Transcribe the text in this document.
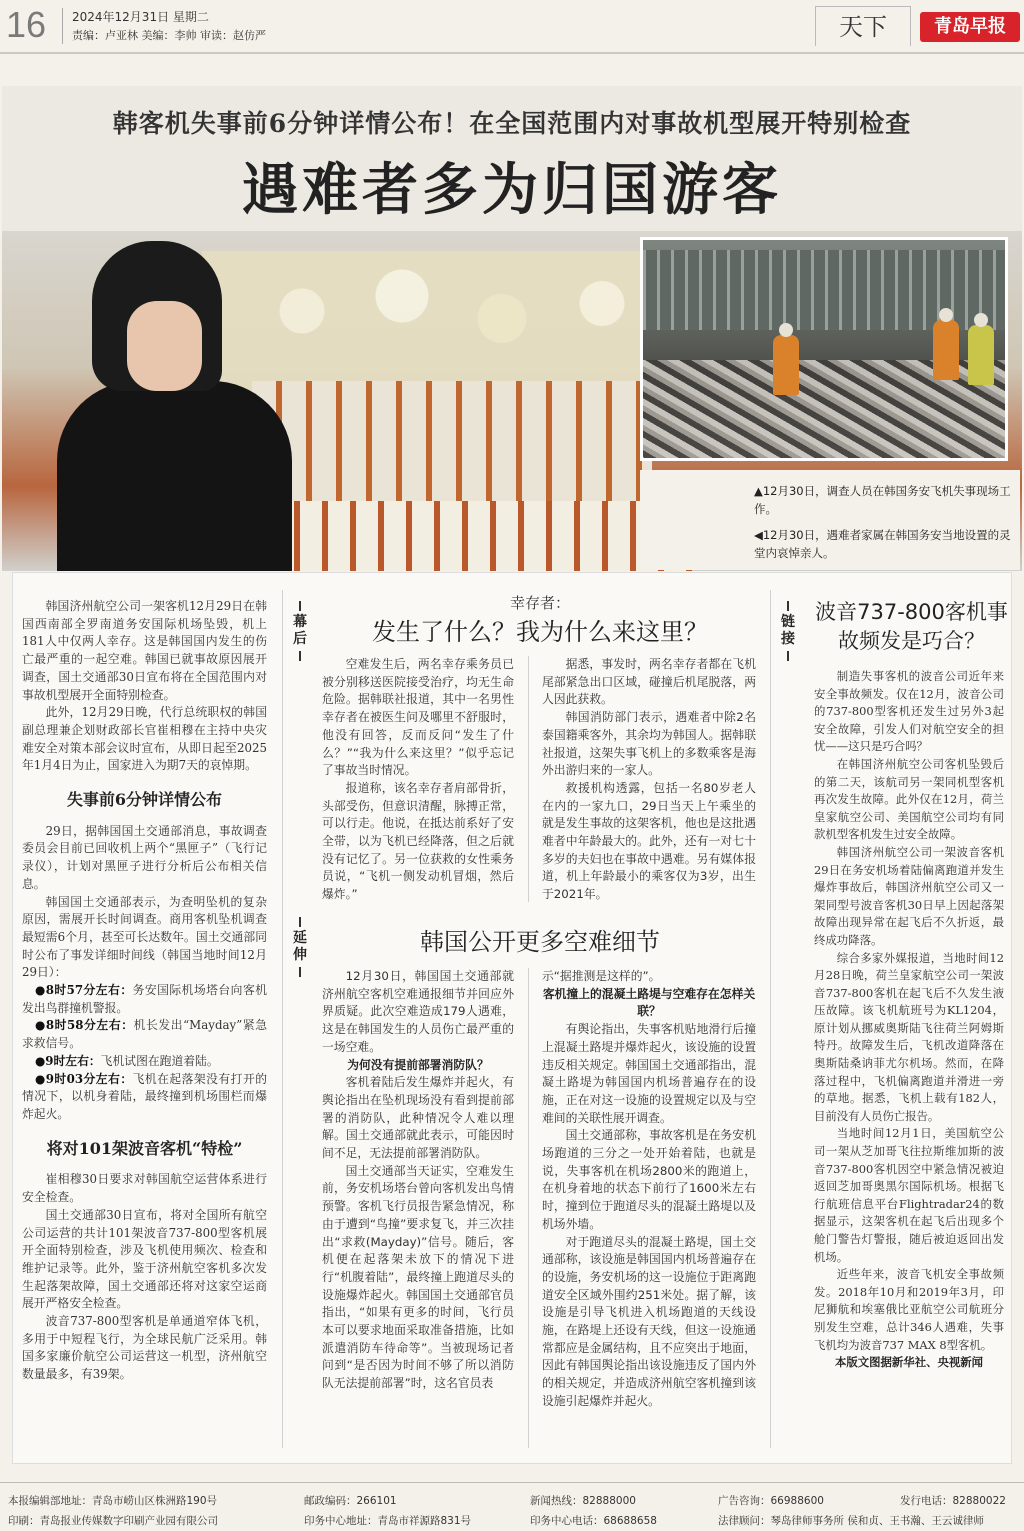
16 2024年12月31日 星期二
责编：卢亚林 美编：李帅 审读：赵仿严	天下	青岛早报
韩客机失事前6分钟详情公布！在全国范围内对事故机型展开特别检查
遇难者多为归国游客
▲12月30日，调查人员在韩国务安飞机失事现场工作。
◀12月30日，遇难者家属在韩国务安当地设置的灵堂内哀悼亲人。

韩国济州航空公司一架客机12月29日在韩国西南部全罗南道务安国际机场坠毁，机上181人中仅两人幸存。这是韩国国内发生的伤亡最严重的一起空难。韩国已就事故原因展开调查，国土交通部30日宣布将在全国范围内对事故机型展开全面特别检查。

此外，12月29日晚，代行总统职权的韩国副总理兼企划财政部长官崔相穆在主持中央灾难安全对策本部会议时宣布，从即日起至2025年1月4日为止，国家进入为期7天的哀悼期。

失事前6分钟详情公布

29日，据韩国国土交通部消息，事故调查委员会目前已回收机上两个“黑匣子”（飞行记录仪），计划对黑匣子进行分析后公布相关信息。

韩国国土交通部表示，为查明坠机的复杂原因，需展开长时间调查。商用客机坠机调查最短需6个月，甚至可长达数年。国土交通部同时公布了事发详细时间线（韩国当地时间12月29日）：

●8时57分左右：务安国际机场塔台向客机发出鸟群撞机警报。

●8时58分左右：机长发出“Mayday”紧急求救信号。

●9时左右：飞机试图在跑道着陆。

●9时03分左右：飞机在起落架没有打开的情况下，以机身着陆，最终撞到机场围栏而爆炸起火。

将对101架波音客机“特检”

崔相穆30日要求对韩国航空运营体系进行安全检查。

国土交通部30日宣布，将对全国所有航空公司运营的共计101架波音737-800型客机展开全面特别检查，涉及飞机使用频次、检查和维护记录等。此外，鉴于济州航空客机多次发生起落架故障，国土交通部还将对这家空运商展开严格安全检查。

波音737-800型客机是单通道窄体飞机，多用于中短程飞行，为全球民航广泛采用。韩国多家廉价航空公司运营这一机型，济州航空数量最多，有39架。

幕后
延伸
链接
幸存者：
发生了什么？我为什么来这里？

空难发生后，两名幸存乘务员已被分别移送医院接受治疗，均无生命危险。据韩联社报道，其中一名男性幸存者在被医生问及哪里不舒服时，他没有回答，反而反问“发生了什么？”“我为什么来这里？”似乎忘记了事故当时情况。

报道称，该名幸存者肩部骨折，头部受伤，但意识清醒，脉搏正常，可以行走。他说，在抵达前系好了安全带，以为飞机已经降落，但之后就没有记忆了。另一位获救的女性乘务员说，“飞机一侧发动机冒烟，然后爆炸。”

据悉，事发时，两名幸存者都在飞机尾部紧急出口区域，碰撞后机尾脱落，两人因此获救。

韩国消防部门表示，遇难者中除2名泰国籍乘客外，其余均为韩国人。据韩联社报道，这架失事飞机上的多数乘客是海外出游归来的一家人。

救援机构透露，包括一名80岁老人在内的一家九口，29日当天上午乘坐的就是发生事故的这架客机，他也是这批遇难者中年龄最大的。此外，还有一对七十多岁的夫妇也在事故中遇难。另有媒体报道，机上年龄最小的乘客仅为3岁，出生于2021年。

韩国公开更多空难细节

12月30日，韩国国土交通部就济州航空客机空难通报细节并回应外界质疑。此次空难造成179人遇难，这是在韩国发生的人员伤亡最严重的一场空难。

为何没有提前部署消防队？

客机着陆后发生爆炸并起火，有舆论指出在坠机现场没有看到提前部署的消防队，此种情况令人难以理解。国土交通部就此表示，可能因时间不足，无法提前部署消防队。

国土交通部当天证实，空难发生前，务安机场塔台曾向客机发出鸟情预警。客机飞行员报告紧急情况，称由于遭到“鸟撞”要求复飞，并三次挂出“求救(Mayday)”信号。随后，客机便在起落架未放下的情况下进行“机腹着陆”，最终撞上跑道尽头的设施爆炸起火。韩国国土交通部官员指出，“如果有更多的时间，飞行员本可以要求地面采取准备措施，比如派遣消防车待命等”。当被现场记者问到“是否因为时间不够了所以消防队无法提前部署”时，这名官员表

示“据推测是这样的”。

客机撞上的混凝土路堤与空难存在怎样关联？

有舆论指出，失事客机贴地滑行后撞上混凝土路堤并爆炸起火，该设施的设置违反相关规定。韩国国土交通部指出，混凝土路堤为韩国国内机场普遍存在的设施，正在对这一设施的设置规定以及与空难间的关联性展开调查。

国土交通部称，事故客机是在务安机场跑道的三分之一处开始着陆，也就是说，失事客机在机场2800米的跑道上，在机身着地的状态下前行了1600米左右时，撞到位于跑道尽头的混凝土路堤以及机场外墙。

对于跑道尽头的混凝土路堤，国土交通部称，该设施是韩国国内机场普遍存在的设施，务安机场的这一设施位于距离跑道安全区域外围约251米处。据了解，该设施是引导飞机进入机场跑道的天线设施，在路堤上还设有天线，但这一设施通常都应是金属结构，且不应突出于地面，因此有韩国舆论指出该设施违反了国内外的相关规定，并造成济州航空客机撞到该设施引起爆炸并起火。

波音737-800客机事故频发是巧合？

制造失事客机的波音公司近年来安全事故频发。仅在12月，波音公司的737-800型客机还发生过另外3起安全故障，引发人们对航空安全的担忧——这只是巧合吗？

在韩国济州航空公司客机坠毁后的第二天，该航司另一架同机型客机再次发生故障。此外仅在12月，荷兰皇家航空公司、美国航空公司均有同款机型客机发生过安全故障。

韩国济州航空公司一架波音客机29日在务安机场着陆偏离跑道并发生爆炸事故后，韩国济州航空公司又一架同型号波音客机30日早上因起落架故障出现异常在起飞后不久折返，最终成功降落。

综合多家外媒报道，当地时间12月28日晚，荷兰皇家航空公司一架波音737-800客机在起飞后不久发生液压故障。该飞机航班号为KL1204，原计划从挪威奥斯陆飞往荷兰阿姆斯特丹。故障发生后，飞机改道降落在奥斯陆桑讷菲尤尔机场。然而，在降落过程中，飞机偏离跑道并滑进一旁的草地。据悉，飞机上载有182人，目前没有人员伤亡报告。

当地时间12月1日，美国航空公司一架从芝加哥飞往拉斯维加斯的波音737-800客机因空中紧急情况被迫返回芝加哥奥黑尔国际机场。根据飞行航班信息平台Flightradar24的数据显示，这架客机在起飞后出现多个舱门警告灯警报，随后被迫返回出发机场。

近些年来，波音飞机安全事故频发。2018年10月和2019年3月，印尼狮航和埃塞俄比亚航空公司航班分别发生空难，总计346人遇难，失事飞机均为波音737 MAX 8型客机。

本版文图据新华社、央视新闻

本报编辑部地址：青岛市崂山区株洲路190号	邮政编码：266101	新闻热线：82888000	广告咨询：66988600	发行电话：82880022
印刷：青岛报业传媒数字印刷产业园有限公司	印务中心地址：青岛市祥源路831号	印务中心电话：68688658	法律顾问：琴岛律师事务所 侯和贞、王书瀚、王云诚律师
